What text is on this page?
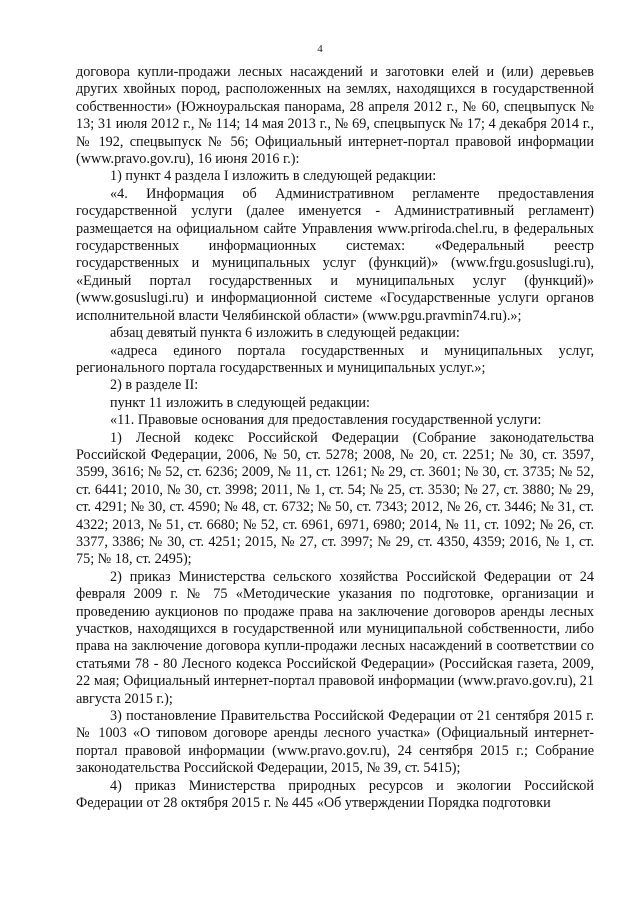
4

договора купли-продажи лесных насаждений и заготовки елей и (или) деревьев других хвойных пород, расположенных на землях, находящихся в государственной собственности» (Южноуральская панорама, 28 апреля 2012 г., № 60, спецвыпуск № 13; 31 июля 2012 г., № 114; 14 мая 2013 г., № 69, спецвыпуск № 17; 4 декабря 2014 г., № 192, спецвыпуск № 56; Официальный интернет-портал правовой информации (www.pravo.gov.ru), 16 июня 2016 г.):

1) пункт 4 раздела I изложить в следующей редакции:

«4. Информация об Административном регламенте предоставления государственной услуги (далее именуется - Административный регламент) размещается на официальном сайте Управления www.priroda.chel.ru, в федеральных государственных информационных системах: «Федеральный реестр государственных и муниципальных услуг (функций)» (www.frgu.gosuslugi.ru), «Единый портал государственных и муниципальных услуг (функций)» (www.gosuslugi.ru) и информационной системе «Государственные услуги органов исполнительной власти Челябинской области» (www.pgu.pravmin74.ru).»;

абзац девятый пункта 6 изложить в следующей редакции:

«адреса единого портала государственных и муниципальных услуг, регионального портала государственных и муниципальных услуг.»;

2) в разделе II:

пункт 11 изложить в следующей редакции:

«11. Правовые основания для предоставления государственной услуги:

1) Лесной кодекс Российской Федерации (Собрание законодательства Российской Федерации, 2006, № 50, ст. 5278; 2008, № 20, ст. 2251; № 30, ст. 3597, 3599, 3616; № 52, ст. 6236; 2009, № 11, ст. 1261; № 29, ст. 3601; № 30, ст. 3735; № 52, ст. 6441; 2010, № 30, ст. 3998; 2011, № 1, ст. 54; № 25, ст. 3530; № 27, ст. 3880; № 29, ст. 4291; № 30, ст. 4590; № 48, ст. 6732; № 50, ст. 7343; 2012, № 26, ст. 3446; № 31, ст. 4322; 2013, № 51, ст. 6680; № 52, ст. 6961, 6971, 6980; 2014, № 11, ст. 1092; № 26, ст. 3377, 3386; № 30, ст. 4251; 2015, № 27, ст. 3997; № 29, ст. 4350, 4359; 2016, № 1, ст. 75; № 18, ст. 2495);

2) приказ Министерства сельского хозяйства Российской Федерации от 24 февраля 2009 г. № 75 «Методические указания по подготовке, организации и проведению аукционов по продаже права на заключение договоров аренды лесных участков, находящихся в государственной или муниципальной собственности, либо права на заключение договора купли-продажи лесных насаждений в соответствии со статьями 78 - 80 Лесного кодекса Российской Федерации» (Российская газета, 2009, 22 мая; Официальный интернет-портал правовой информации (www.pravo.gov.ru), 21 августа 2015 г.);

3) постановление Правительства Российской Федерации от 21 сентября 2015 г. № 1003 «О типовом договоре аренды лесного участка» (Официальный интернет-портал правовой информации (www.pravo.gov.ru), 24 сентября 2015 г.; Собрание законодательства Российской Федерации, 2015, № 39, ст. 5415);

4) приказ Министерства природных ресурсов и экологии Российской Федерации от 28 октября 2015 г. № 445 «Об утверждении Порядка подготовки
